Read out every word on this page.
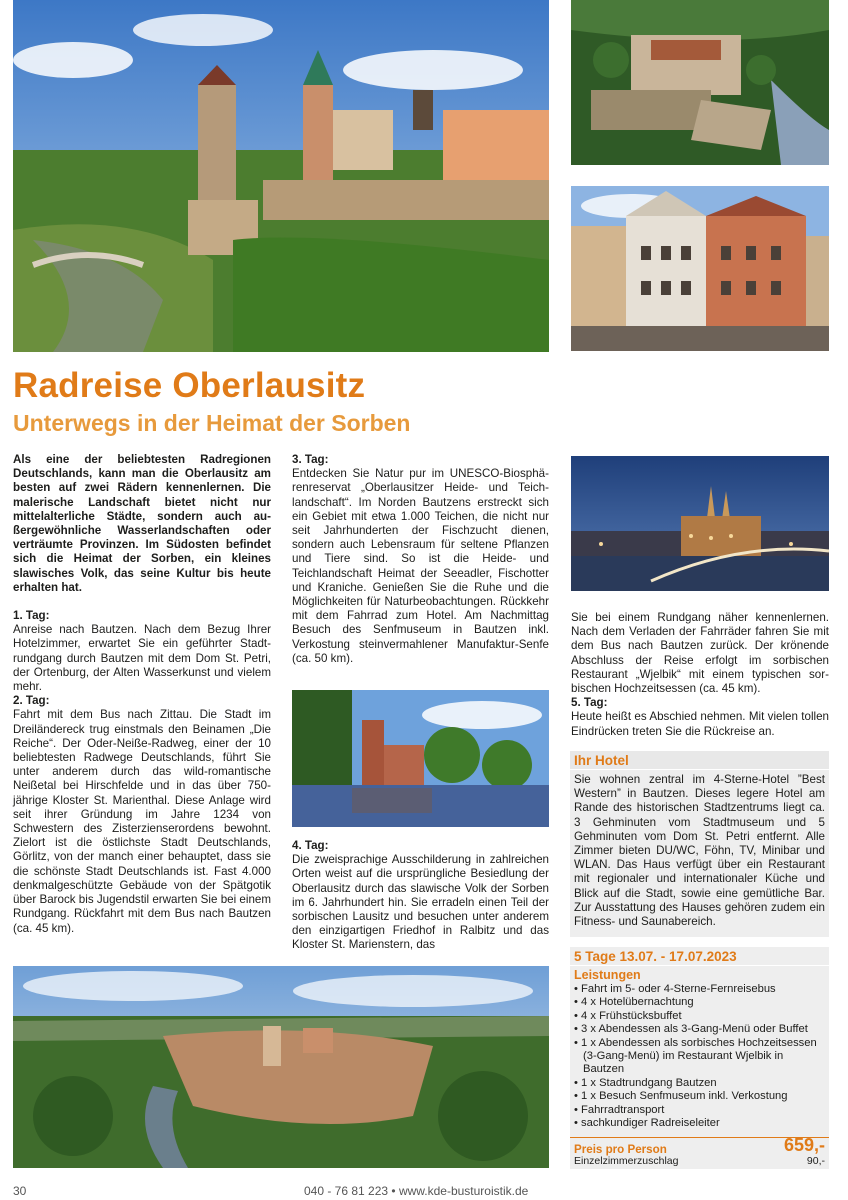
Radreise Oberlausitz
Unterwegs in der Heimat der Sorben

Als eine der beliebtesten Radregionen Deutschlands, kann man die Oberlausitz am besten auf zwei Rädern kennenlernen. Die malerische Landschaft bietet nicht nur mittelalterliche Städte, sondern auch außergewöhnliche Wasserlandschaften oder verträumte Provinzen. Im Südosten befindet sich die Heimat der Sorben, ein kleines slawisches Volk, das seine Kultur bis heute erhalten hat.

1. Tag:

Anreise nach Bautzen. Nach dem Bezug Ihrer Hotelzimmer, erwartet Sie ein geführter Stadtrundgang durch Bautzen mit dem Dom St. Petri, der Ortenburg, der Alten Wasserkunst und vielem mehr.

2. Tag:

Fahrt mit dem Bus nach Zittau. Die Stadt im Dreiländereck trug einstmals den Beinamen „Die Reiche“. Der Oder-Neiße-Radweg, einer der 10 beliebtesten Radwege Deutschlands, führt Sie unter anderem durch das wild-romantische Neißetal bei Hirschfelde und in das über 750-jährige Kloster St. Marienthal. Diese Anlage wird seit ihrer Gründung im Jahre 1234 von Schwestern des Zisterzienserordens bewohnt. Zielort ist die östlichste Stadt Deutschlands, Görlitz, von der manch einer behauptet, dass sie die schönste Stadt Deutschlands ist. Fast 4.000 denkmalgeschützte Gebäude von der Spätgotik über Barock bis Jugendstil erwarten Sie bei einem Rundgang. Rückfahrt mit dem Bus nach Bautzen (ca. 45 km).

3. Tag:

Entdecken Sie Natur pur im UNESCO-Biosphärenreservat „Oberlausitzer Heide- und Teichlandschaft“. Im Norden Bautzens erstreckt sich ein Gebiet mit etwa 1.000 Teichen, die nicht nur seit Jahrhunderten der Fischzucht dienen, sondern auch Lebensraum für seltene Pflanzen und Tiere sind. So ist die Heide- und Teichlandschaft Heimat der Seeadler, Fischotter und Kraniche. Genießen Sie die Ruhe und die Möglichkeiten für Naturbeobachtungen. Rückkehr mit dem Fahrrad zum Hotel. Am Nachmittag Besuch des Senfmuseum in Bautzen inkl. Verkostung steinvermahlener Manufaktur-Senfe (ca. 50 km).

4. Tag:

Die zweisprachige Ausschilderung in zahlreichen Orten weist auf die ursprüngliche Besiedlung der Oberlausitz durch das slawische Volk der Sorben im 6. Jahrhundert hin. Sie erradeln einen Teil der sorbischen Lausitz und besuchen unter anderem den einzigartigen Friedhof in Ralbitz und das Kloster St. Marienstern, das

Sie bei einem Rundgang näher kennenlernen. Nach dem Verladen der Fahrräder fahren Sie mit dem Bus nach Bautzen zurück. Der krönende Abschluss der Reise erfolgt im sorbischen Restaurant „Wjelbik“ mit einem typischen sorbischen Hochzeitsessen (ca. 45 km).

5. Tag:

Heute heißt es Abschied nehmen. Mit vielen tollen Eindrücken treten Sie die Rückreise an.

Ihr Hotel
Sie wohnen zentral im 4-Sterne-Hotel ”Best Western” in Bautzen. Dieses legere Hotel am Rande des historischen Stadtzentrums liegt ca. 3 Gehminuten vom Stadtmuseum und 5 Gehminuten vom Dom St. Petri entfernt. Alle Zimmer bieten DU/WC, Föhn, TV, Minibar und WLAN. Das Haus verfügt über ein Restaurant mit regionaler und internationaler Küche und Blick auf die Stadt, sowie eine gemütliche Bar. Zur Ausstattung des Hauses gehören zudem ein Fitness- und Saunabereich.
5 Tage 13.07. - 17.07.2023
Leistungen
• Fahrt im 5- oder 4-Sterne-Fernreisebus
• 4 x Hotelübernachtung
• 4 x Frühstücksbuffet
• 3 x Abendessen als 3-Gang-Menü oder Buffet
• 1 x Abendessen als sorbisches Hochzeitsessen (3-Gang-Menü) im Restaurant Wjelbik in Bautzen
• 1 x Stadtrundgang Bautzen
• 1 x Besuch Senfmuseum inkl. Verkostung
• Fahrradtransport
• sachkundiger Radreiseleiter
Preis pro Person	659,-
Einzelzimmerzuschlag	90,-
30	040 - 76 81 223 • www.kde-busturoistik.de
